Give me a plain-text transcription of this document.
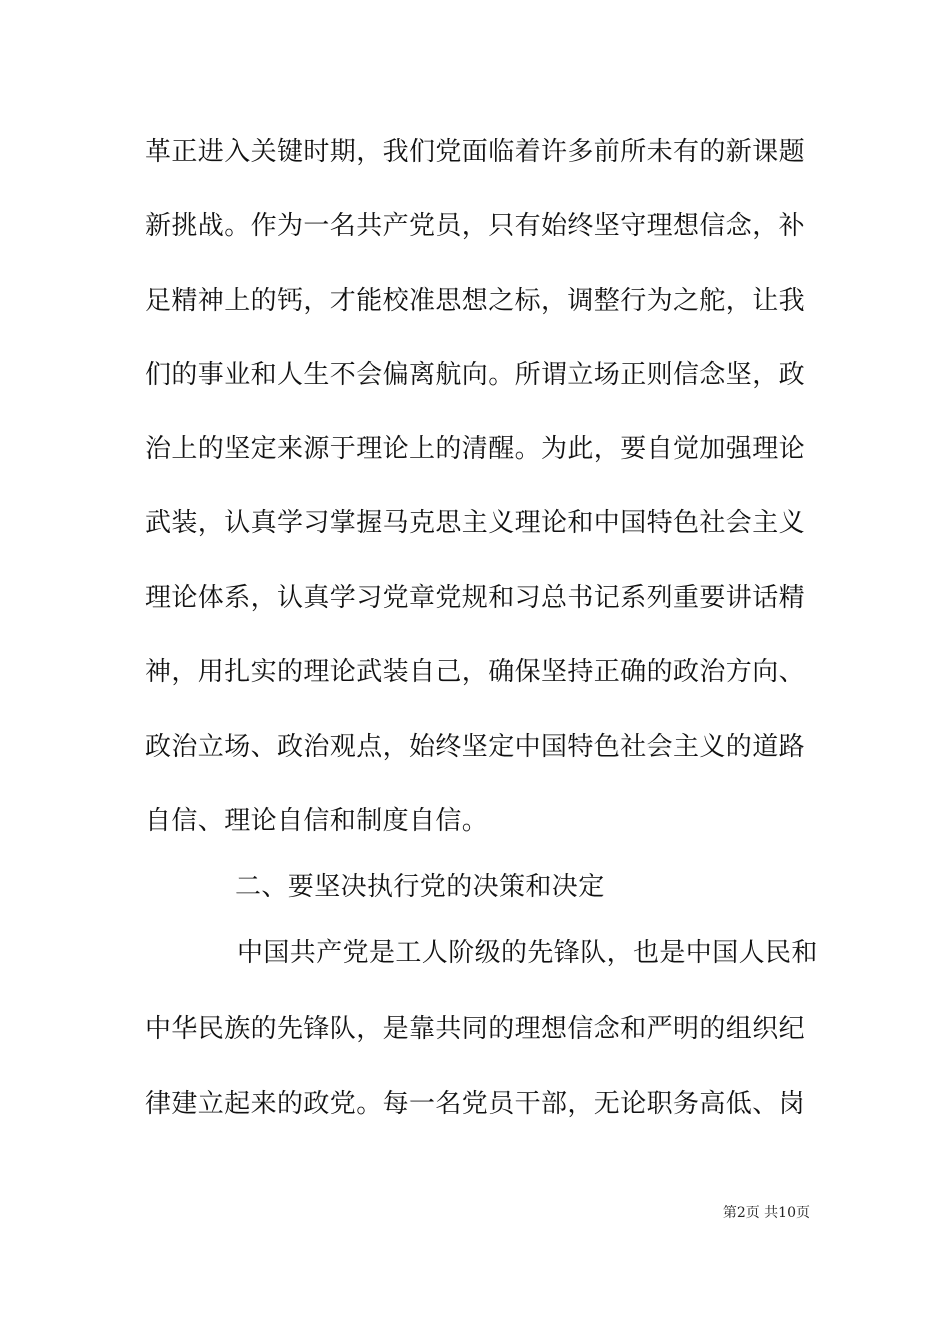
革正进入关键时期，我们党面临着许多前所未有的新课题
新挑战。作为一名共产党员，只有始终坚守理想信念，补
足精神上的钙，才能校准思想之标，调整行为之舵，让我
们的事业和人生不会偏离航向。所谓立场正则信念坚，政
治上的坚定来源于理论上的清醒。为此，要自觉加强理论
武装，认真学习掌握马克思主义理论和中国特色社会主义
理论体系，认真学习党章党规和习总书记系列重要讲话精
神，用扎实的理论武装自己，确保坚持正确的政治方向、
政治立场、政治观点，始终坚定中国特色社会主义的道路
自信、理论自信和制度自信。
二、要坚决执行党的决策和决定
中国共产党是工人阶级的先锋队，也是中国人民和
中华民族的先锋队，是靠共同的理想信念和严明的组织纪
律建立起来的政党。每一名党员干部，无论职务高低、岗
第2页 共10页
